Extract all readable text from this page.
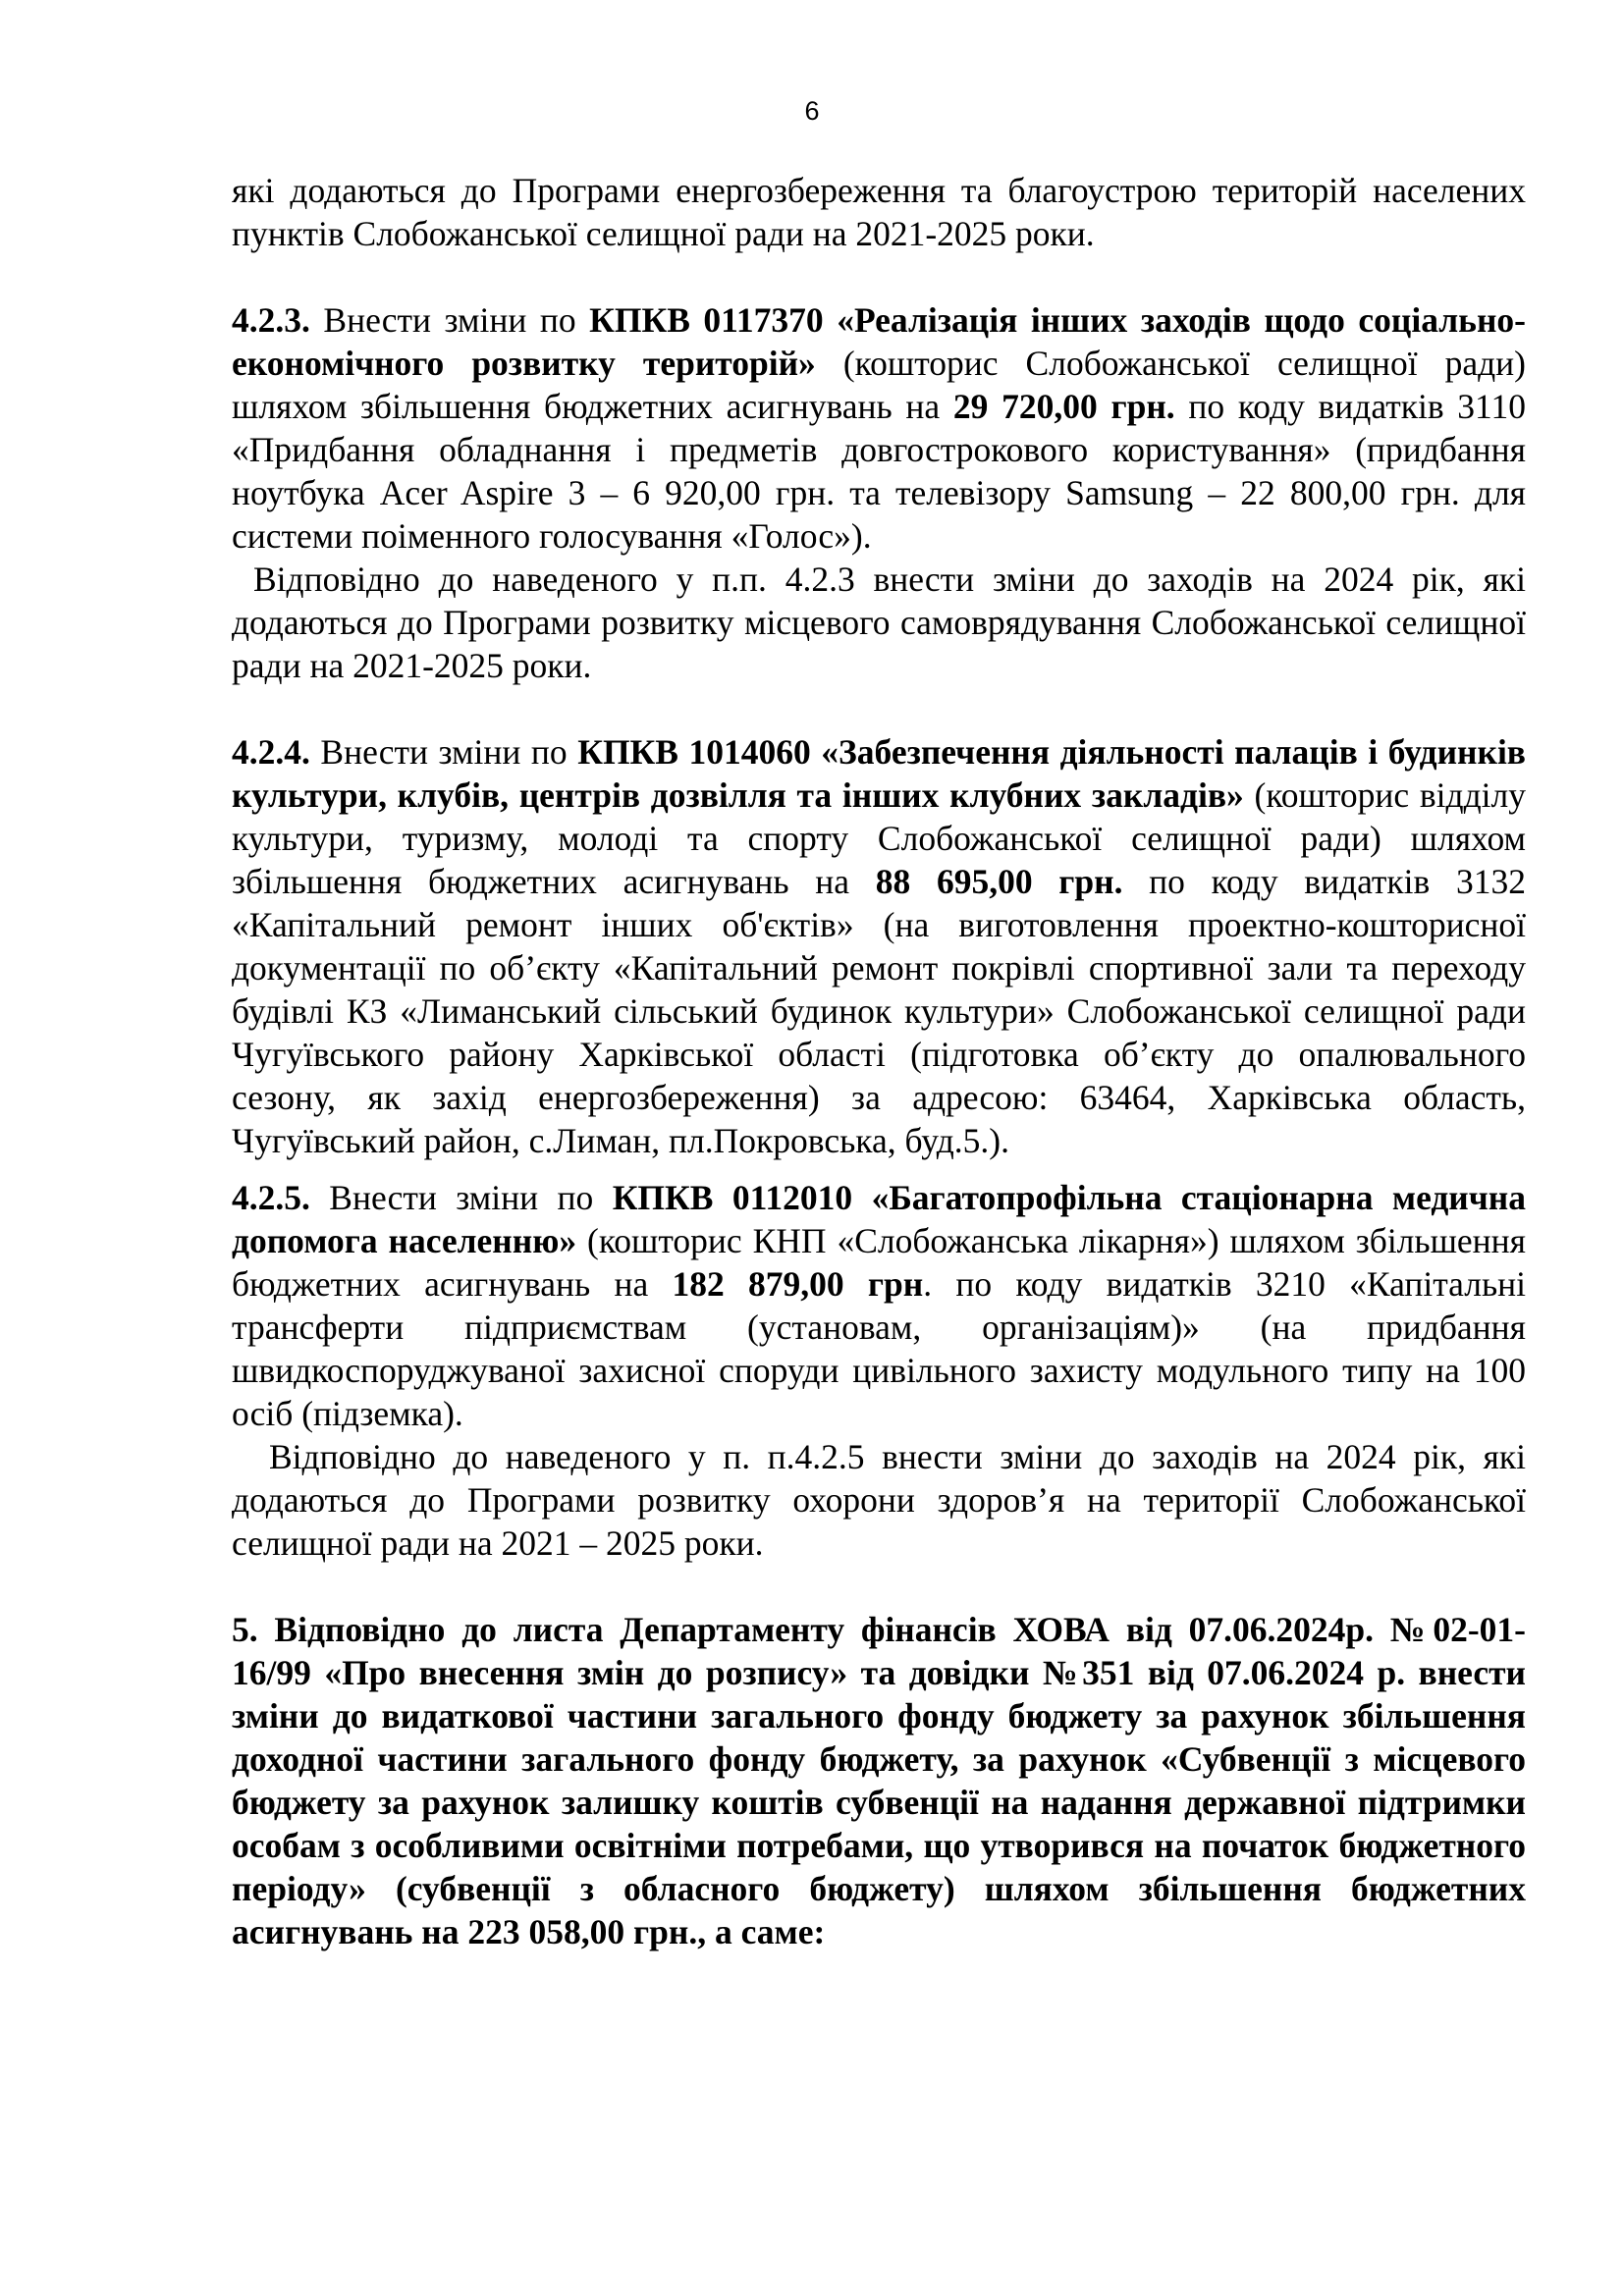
6

які додаються до Програми енергозбереження та благоустрою територій населених пунктів Слобожанської селищної ради на 2021-2025 роки.

4.2.3. Внести зміни по КПКВ 0117370 «Реалізація інших заходів щодо соціально-економічного розвитку територій» (кошторис Слобожанської селищної ради) шляхом збільшення бюджетних асигнувань на 29 720,00 грн. по коду видатків 3110 «Придбання обладнання і предметів довгострокового користування» (придбання ноутбука Acer Aspire 3 – 6 920,00 грн. та телевізору Samsung – 22 800,00 грн. для системи поіменного голосування «Голос»).

Відповідно до наведеного у п.п. 4.2.3 внести зміни до заходів на 2024 рік, які додаються до Програми розвитку місцевого самоврядування Слобожанської селищної ради на 2021-2025 роки.

4.2.4. Внести зміни по КПКВ 1014060 «Забезпечення діяльності палаців і будинків культури, клубів, центрів дозвілля та інших клубних закладів» (кошторис відділу культури, туризму, молоді та спорту Слобожанської селищної ради) шляхом збільшення бюджетних асигнувань на 88 695,00 грн. по коду видатків 3132 «Капітальний ремонт інших об'єктів» (на виготовлення проектно-кошторисної документації по об’єкту «Капітальний ремонт покрівлі спортивної зали та переходу будівлі КЗ «Лиманський сільський будинок культури» Слобожанської селищної ради Чугуївського району Харківської області (підготовка об’єкту до опалювального сезону, як захід енергозбереження) за адресою: 63464, Харківська область, Чугуївський район, с.Лиман, пл.Покровська, буд.5.).

4.2.5. Внести зміни по КПКВ 0112010 «Багатопрофільна стаціонарна медична допомога населенню» (кошторис КНП «Слобожанська лікарня») шляхом збільшення бюджетних асигнувань на 182 879,00 грн. по коду видатків 3210 «Капітальні трансферти підприємствам (установам, організаціям)» (на придбання швидкоспоруджуваної захисної споруди цивільного захисту модульного типу на 100 осіб (підземка).

Відповідно до наведеного у п. п.4.2.5 внести зміни до заходів на 2024 рік, які додаються до Програми розвитку охорони здоров’я на території Слобожанської селищної ради на 2021 – 2025 роки.

5. Відповідно до листа Департаменту фінансів ХОВА від 07.06.2024р. №02-01-16/99 «Про внесення змін до розпису» та довідки №351 від 07.06.2024 р. внести зміни до видаткової частини загального фонду бюджету за рахунок збільшення доходної частини загального фонду бюджету, за рахунок «Субвенції з місцевого бюджету за рахунок залишку коштів субвенції на надання державної підтримки особам з особливими освітніми потребами, що утворився на початок бюджетного періоду» (субвенції з обласного бюджету) шляхом збільшення бюджетних асигнувань на 223 058,00 грн., а саме:
